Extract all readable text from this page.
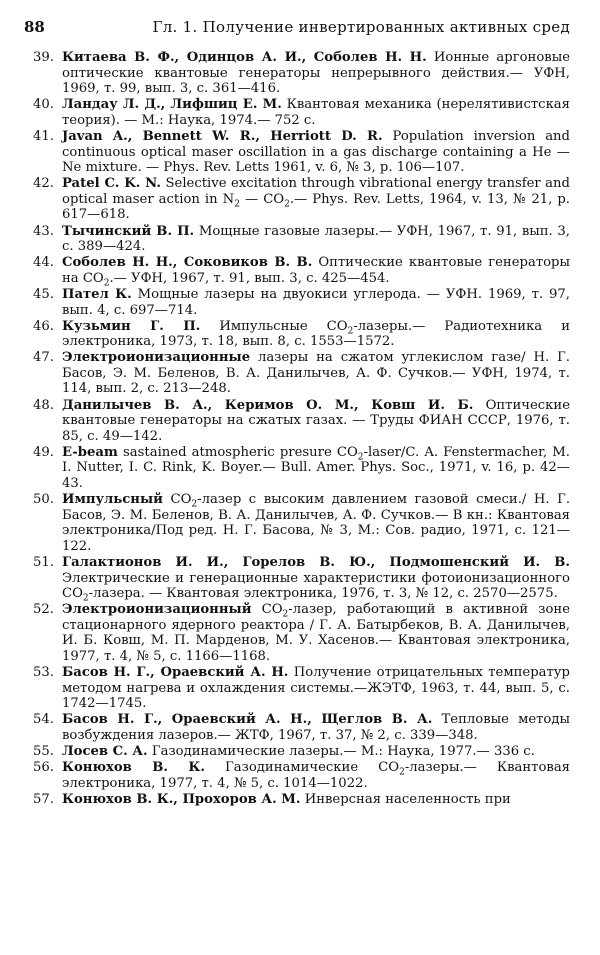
88	Гл. 1. Получение инвертированных активных сред
39. Китаева В. Ф., Одинцов А. И., Соболев Н. Н. Ионные аргоновые оптические квантовые генераторы непрерывного действия.— УФН, 1969, т. 99, вып. 3, с. 361—416.
40. Ландау Л. Д., Лифшиц Е. М. Квантовая механика (нерелятивистская теория). — М.: Наука, 1974.— 752 с.
41. Javan A., Bennett W. R., Herriott D. R. Population inversion and continuous optical maser oscillation in a gas discharge containing a He — Ne mixture. — Phys. Rev. Letts 1961, v. 6, № 3, p. 106—107.
42. Patel C. K. N. Selective excitation through vibrational energy transfer and optical maser action in $N_2$ — $CO_2.—$ Phys. Rev. Letts, 1964, v. 13, № 21, p. 617—618.
43. Тычинский В. П. Мощные газовые лазеры.— УФН, 1967, т. 91, вып. 3, с. 389—424.
44. Соболев Н. Н., Соковиков В. В. Оптические квантовые генераторы на $CO_2.—$ УФН, 1967, т. 91, вып. 3, с. 425—454.
45. Пател К. Мощные лазеры на двуокиси углерода. — УФН. 1969, т. 97, вып. 4, с. 697—714.
46. Кузьмин Г. П. Импульсные $CO_2-лазеры.—$ Радиотехника и электроника, 1973, т. 18, вып. 8, с. 1553—1572.
47. Электроионизационные лазеры на сжатом углекислом газе/ Н. Г. Басов, Э. М. Беленов, В. А. Данилычев, А. Ф. Сучков.— УФН, 1974, т. 114, вып. 2, с. 213—248.
48. Данилычев В. А., Керимов О. М., Ковш И. Б. Оптические квантовые генераторы на сжатых газах. — Труды ФИАН СССР, 1976, т. 85, с. 49—142.
49. E-beam sastained atmospheric presure $CO_2-laser/C$. A. Fenstermacher, M. I. Nutter, I. C. Rink, K. Boyer.— Bull. Amer. Phys. Soc., 1971, v. 16, p. 42—43.
50. Импульсный $CO_2$-лазер с высоким давлением газовой смеси./ Н. Г. Басов, Э. М. Беленов, В. А. Данилычев, А. Ф. Сучков.— В кн.: Квантовая электроника/Под ред. Н. Г. Басова, № 3, М.: Сов. радио, 1971, с. 121—122.
51. Галактионов И. И., Горелов В. Ю., Подмошенский И. В. Электрические и генерационные характеристики фотоионизационного $CO_2$-лазера. — Квантовая электроника, 1976, т. 3, № 12, с. 2570—2575.
52. Электроионизационный $CO_2$-лазер, работающий в активной зоне стационарного ядерного реактора / Г. А. Батырбеков, В. А. Данилычев, И. Б. Ковш, М. П. Марденов, М. У. Хасенов.— Квантовая электроника, 1977, т. 4, № 5, с. 1166—1168.
53. Басов Н. Г., Ораевский А. Н. Получение отрицательных температур методом нагрева и охлаждения системы.—ЖЭТФ, 1963, т. 44, вып. 5, с. 1742—1745.
54. Басов Н. Г., Ораевский А. Н., Щеглов В. А. Тепловые методы возбуждения лазеров.— ЖТФ, 1967, т. 37, № 2, с. 339—348.
55. Лосев С. А. Газодинамические лазеры.— М.: Наука, 1977.— 336 с.
56. Конюхов В. К. Газодинамические $CO_2-лазеры.—$ Квантовая электроника, 1977, т. 4, № 5, с. 1014—1022.
57. Конюхов В. К., Прохоров А. М. Инверсная населенность при
